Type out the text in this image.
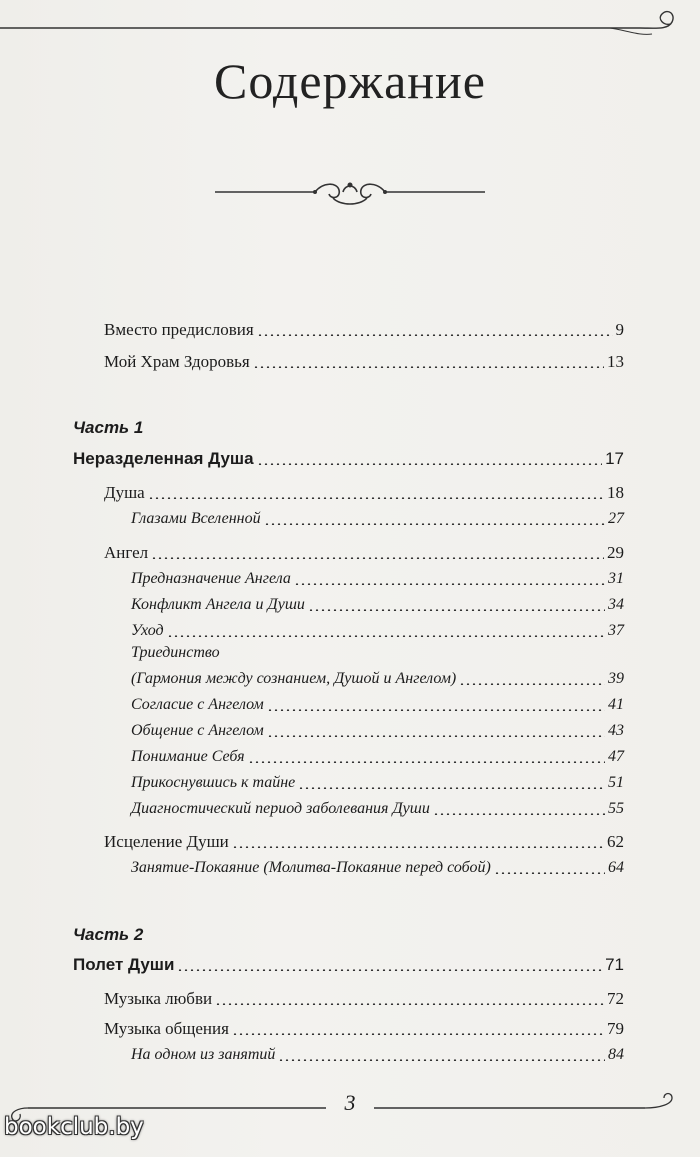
Содержание
Вместо предисловия	9
Мой Храм Здоровья	13
Часть 1
Неразделенная Душа	17
Душа	18
Глазами Вселенной	27
Ангел	29
Предназначение Ангела	31
Конфликт Ангела и Души	34
Уход	37
Триединство
(Гармония между сознанием, Душой и Ангелом)	39
Согласие с Ангелом	41
Общение с Ангелом	43
Понимание Себя	47
Прикоснувшись к тайне	51
Диагностический период заболевания Души	55
Исцеление Души	62
Занятие-Покаяние (Молитва-Покаяние перед собой)	64
Часть 2
Полет Души	71
Музыка любви	72
Музыка общения	79
На одном из занятий	84
3
bookclub.by
